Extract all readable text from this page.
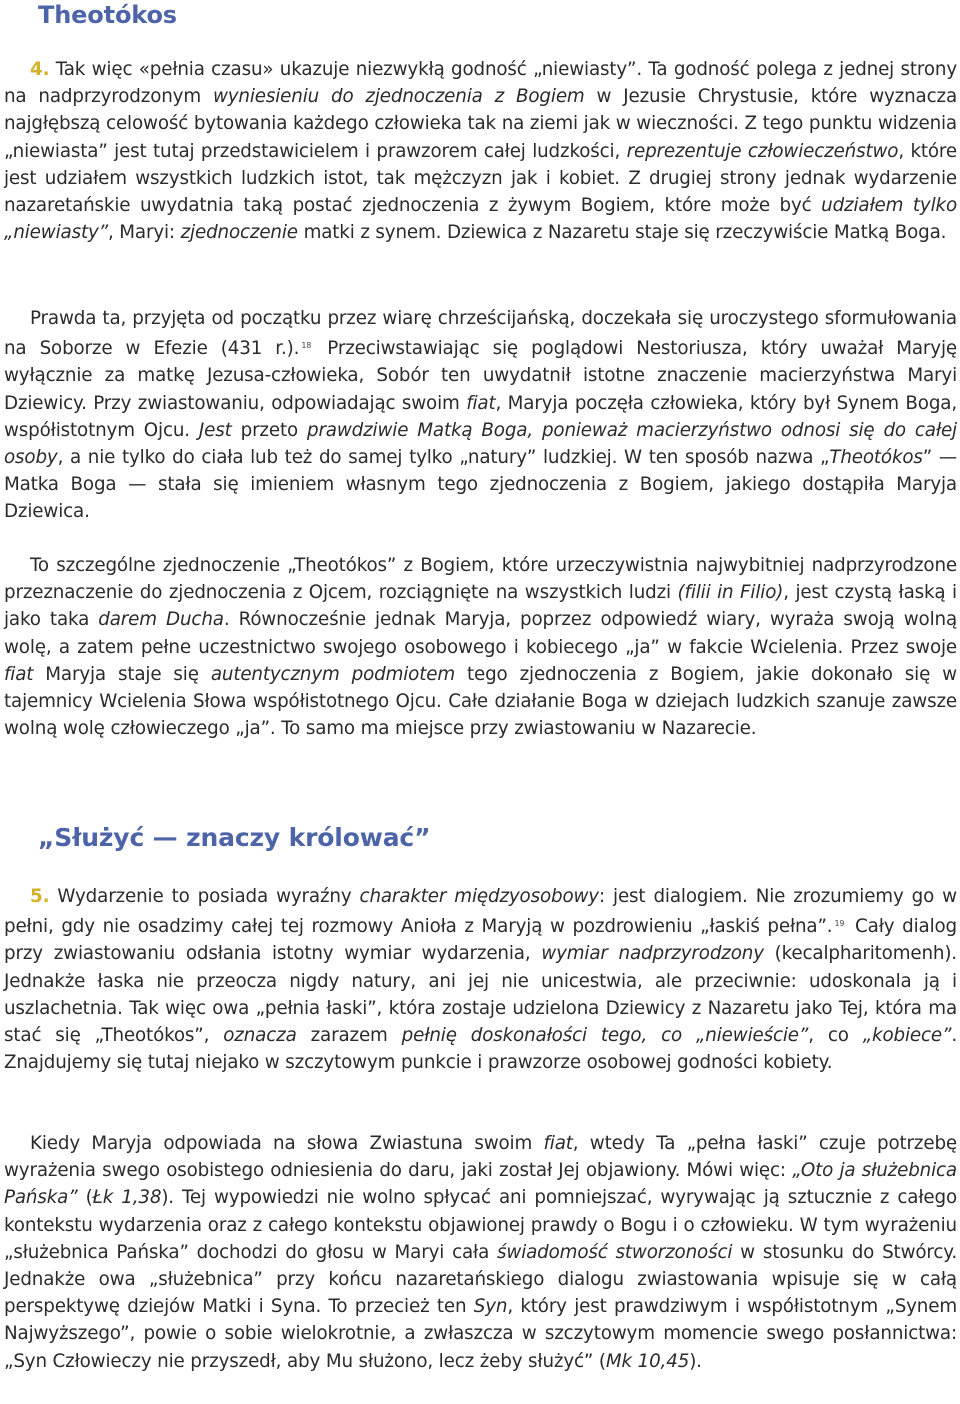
Theotókos

4. Tak więc «pełnia czasu» ukazuje niezwykłą godność „niewiasty”. Ta godność polega z jednej strony na nadprzyrodzonym wyniesieniu do zjednoczenia z Bogiem w Jezusie Chrystusie, które wyznacza najgłębszą celowość bytowania każdego człowieka tak na ziemi jak w wieczności. Z tego punktu widzenia „niewiasta” jest tutaj przedstawicielem i prawzorem całej ludzkości, reprezentuje człowieczeństwo, które jest udziałem wszystkich ludzkich istot, tak mężczyzn jak i kobiet. Z drugiej strony jednak wydarzenie nazaretańskie uwydatnia taką postać zjednoczenia z żywym Bogiem, które może być udziałem tylko „niewiasty”, Maryi: zjednoczenie matki z synem. Dziewica z Nazaretu staje się rzeczywiście Matką Boga.

Prawda ta, przyjęta od początku przez wiarę chrześcijańską, doczekała się uroczystego sformułowania na Soborze w Efezie (431 r.). $^{18}$ Przeciwstawiając się poglądowi Nestoriusza, który uważał Maryję wyłącznie za matkę Jezusa-człowieka, Sobór ten uwydatnił istotne znaczenie macierzyństwa Maryi Dziewicy. Przy zwiastowaniu, odpowiadając swoim fiat, Maryja poczęła człowieka, który był Synem Boga, współistotnym Ojcu. Jest przeto prawdziwie Matką Boga, ponieważ macierzyństwo odnosi się do całej osoby, a nie tylko do ciała lub też do samej tylko „natury” ludzkiej. W ten sposób nazwa „Theotókos” — Matka Boga — stała się imieniem własnym tego zjednoczenia z Bogiem, jakiego dostąpiła Maryja Dziewica.

To szczególne zjednoczenie „Theotókos” z Bogiem, które urzeczywistnia najwybitniej nadprzyrodzone przeznaczenie do zjednoczenia z Ojcem, rozciągnięte na wszystkich ludzi (filii in Filio), jest czystą łaską i jako taka darem Ducha. Równocześnie jednak Maryja, poprzez odpowiedź wiary, wyraża swoją wolną wolę, a zatem pełne uczestnictwo swojego osobowego i kobiecego „ja” w fakcie Wcielenia. Przez swoje fiat Maryja staje się autentycznym podmiotem tego zjednoczenia z Bogiem, jakie dokonało się w tajemnicy Wcielenia Słowa współistotnego Ojcu. Całe działanie Boga w dziejach ludzkich szanuje zawsze wolną wolę człowieczego „ja”. To samo ma miejsce przy zwiastowaniu w Nazarecie.

„Służyć — znaczy królować”

5. Wydarzenie to posiada wyraźny charakter międzyosobowy: jest dialogiem. Nie zrozumiemy go w pełni, gdy nie osadzimy całej tej rozmowy Anioła z Maryją w pozdrowieniu „łaskiś pełna”. $^{19}$ Cały dialog przy zwiastowaniu odsłania istotny wymiar wydarzenia, wymiar nadprzyrodzony (kecalpharitomenh). Jednakże łaska nie przeocza nigdy natury, ani jej nie unicestwia, ale przeciwnie: udoskonala ją i uszlachetnia. Tak więc owa „pełnia łaski”, która zostaje udzielona Dziewicy z Nazaretu jako Tej, która ma stać się „Theotókos”, oznacza zarazem pełnię doskonałości tego, co „niewieście”, co „kobiece”. Znajdujemy się tutaj niejako w szczytowym punkcie i prawzorze osobowej godności kobiety.

Kiedy Maryja odpowiada na słowa Zwiastuna swoim fiat, wtedy Ta „pełna łaski” czuje potrzebę wyrażenia swego osobistego odniesienia do daru, jaki został Jej objawiony. Mówi więc: „Oto ja służebnica Pańska” (Łk 1,38). Tej wypowiedzi nie wolno spłycać ani pomniejszać, wyrywając ją sztucznie z całego kontekstu wydarzenia oraz z całego kontekstu objawionej prawdy o Bogu i o człowieku. W tym wyrażeniu „służebnica Pańska” dochodzi do głosu w Maryi cała świadomość stworzoności w stosunku do Stwórcy. Jednakże owa „służebnica” przy końcu nazaretańskiego dialogu zwiastowania wpisuje się w całą perspektywę dziejów Matki i Syna. To przecież ten Syn, który jest prawdziwym i współistotnym „Synem Najwyższego”, powie o sobie wielokrotnie, a zwłaszcza w szczytowym momencie swego posłannictwa: „Syn Człowieczy nie przyszedł, aby Mu służono, lecz żeby służyć” (Mk 10,45).
